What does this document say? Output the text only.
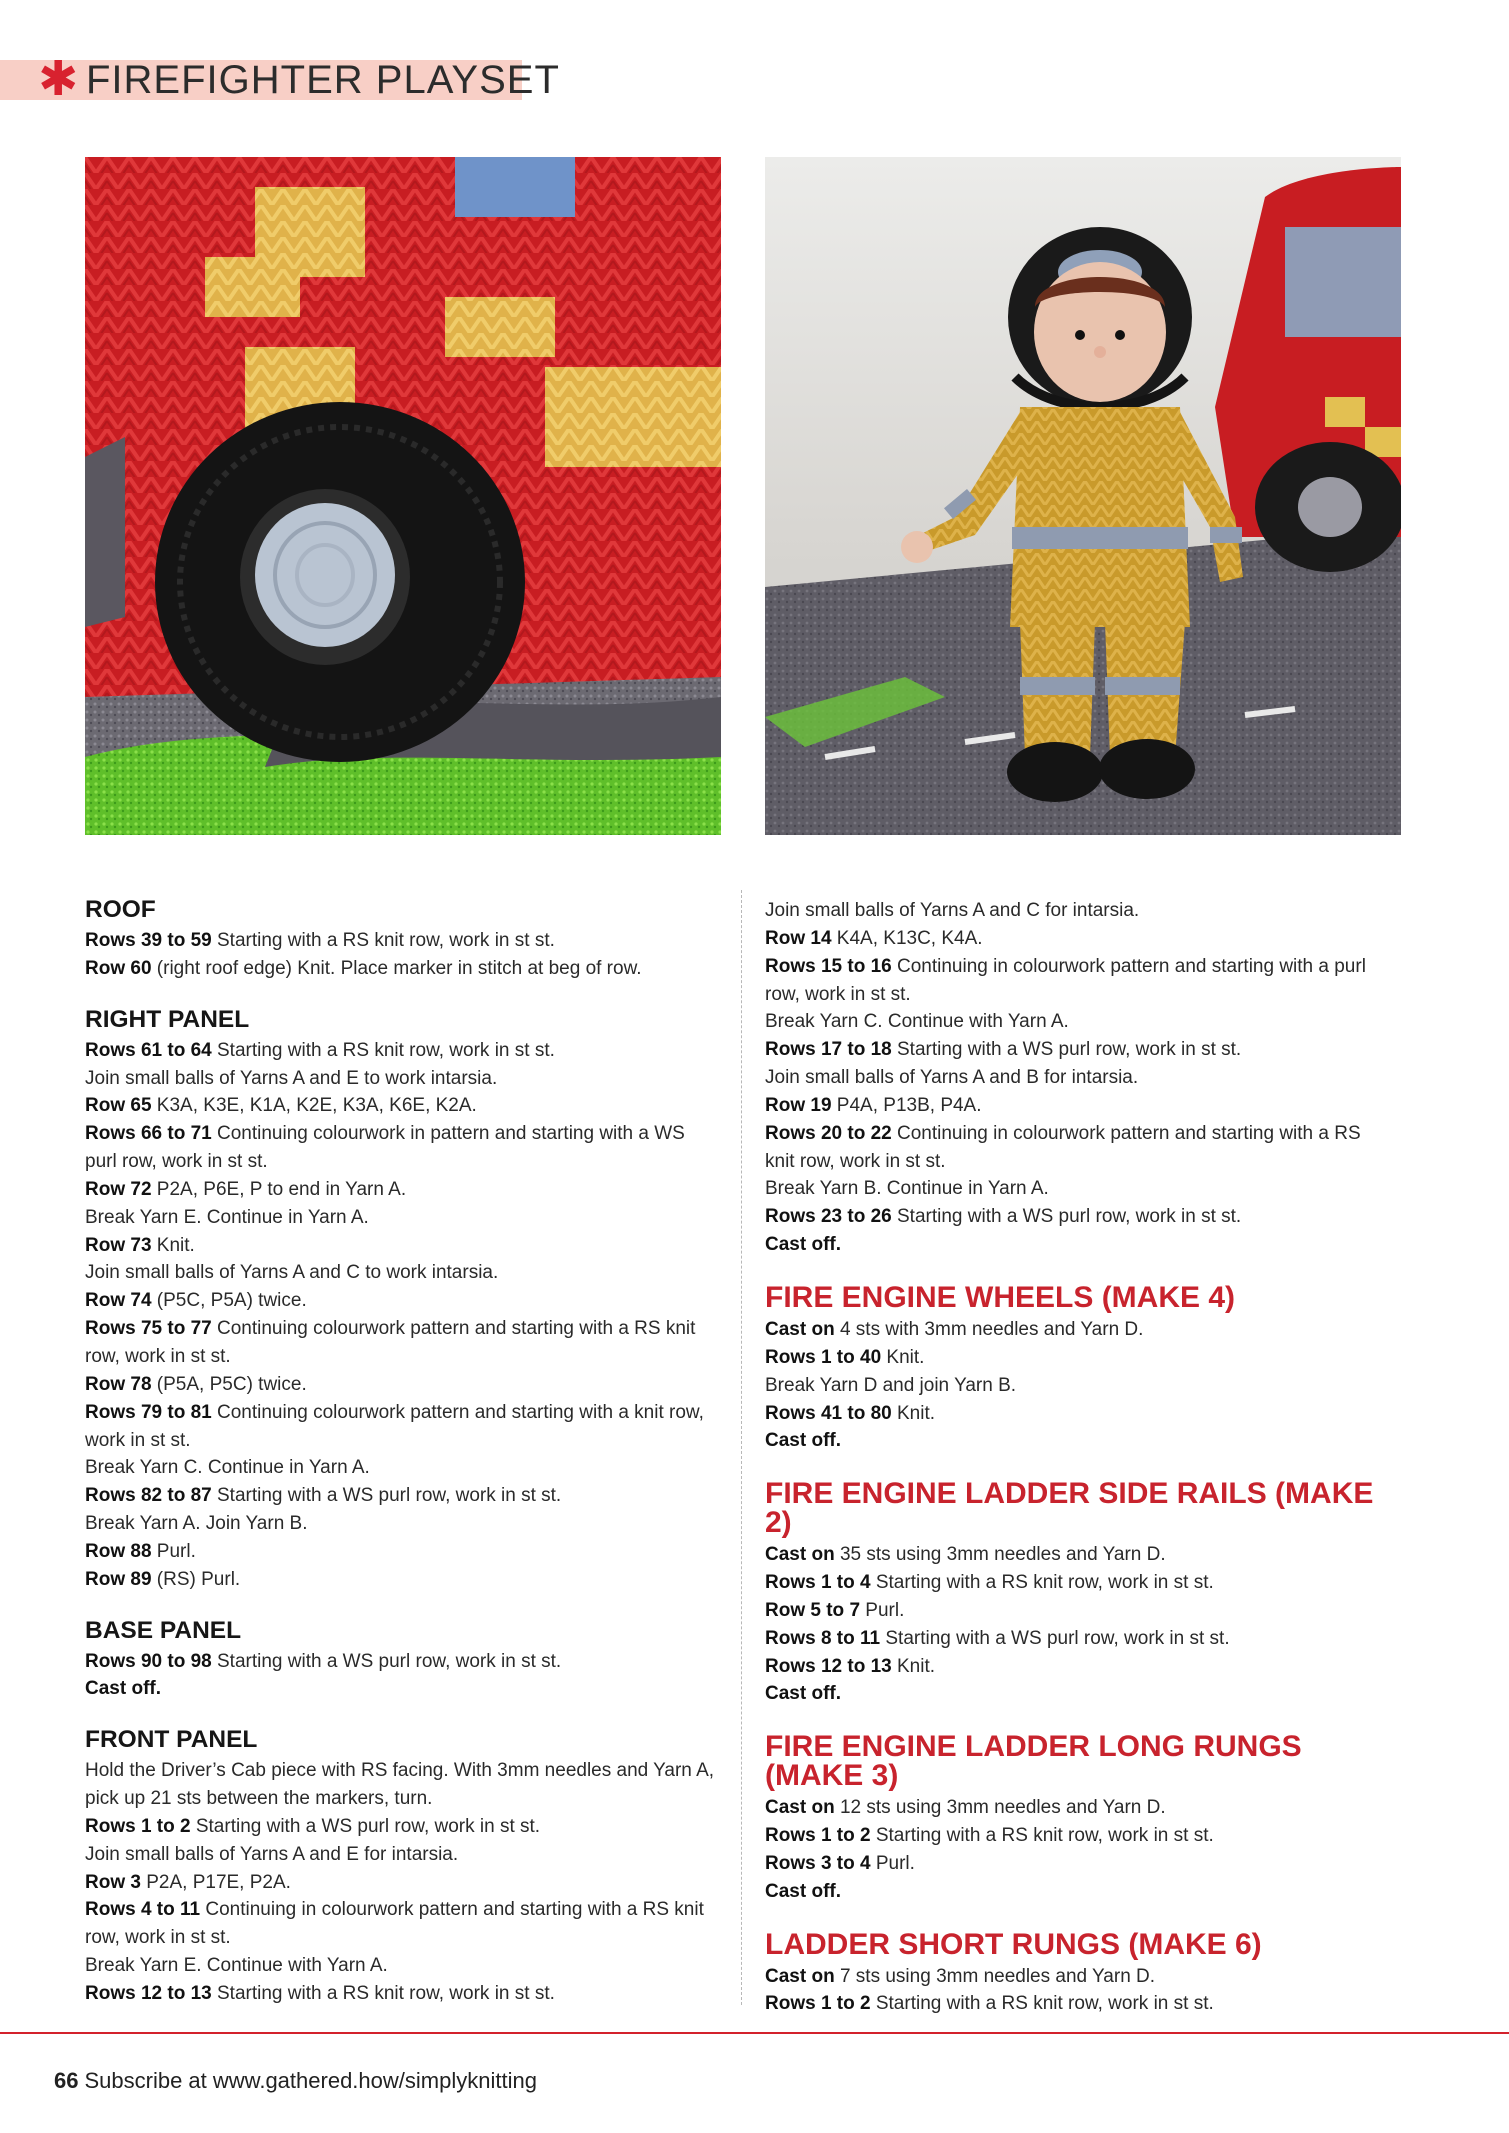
✱ FIREFIGHTER PLAYSET
ROOF

Rows 39 to 59 Starting with a RS knit row, work in st st.

Row 60 (right roof edge) Knit. Place marker in stitch at beg of row.

RIGHT PANEL

Rows 61 to 64 Starting with a RS knit row, work in st st.

Join small balls of Yarns A and E to work intarsia.

Row 65 K3A, K3E, K1A, K2E, K3A, K6E, K2A.

Rows 66 to 71 Continuing colourwork in pattern and starting with a WS purl row, work in st st.

Row 72 P2A, P6E, P to end in Yarn A.

Break Yarn E. Continue in Yarn A.

Row 73 Knit.

Join small balls of Yarns A and C to work intarsia.

Row 74 (P5C, P5A) twice.

Rows 75 to 77 Continuing colourwork pattern and starting with a RS knit row, work in st st.

Row 78 (P5A, P5C) twice.

Rows 79 to 81 Continuing colourwork pattern and starting with a knit row, work in st st.

Break Yarn C. Continue in Yarn A.

Rows 82 to 87 Starting with a WS purl row, work in st st.

Break Yarn A. Join Yarn B.

Row 88 Purl.

Row 89 (RS) Purl.

BASE PANEL

Rows 90 to 98 Starting with a WS purl row, work in st st.

Cast off.

FRONT PANEL

Hold the Driver’s Cab piece with RS facing. With 3mm needles and Yarn A, pick up 21 sts between the markers, turn.

Rows 1 to 2 Starting with a WS purl row, work in st st.

Join small balls of Yarns A and E for intarsia.

Row 3 P2A, P17E, P2A.

Rows 4 to 11 Continuing in colourwork pattern and starting with a RS knit row, work in st st.

Break Yarn E. Continue with Yarn A.

Rows 12 to 13 Starting with a RS knit row, work in st st.

Join small balls of Yarns A and C for intarsia.

Row 14 K4A, K13C, K4A.

Rows 15 to 16 Continuing in colourwork pattern and starting with a purl row, work in st st.

Break Yarn C. Continue with Yarn A.

Rows 17 to 18 Starting with a WS purl row, work in st st.

Join small balls of Yarns A and B for intarsia.

Row 19 P4A, P13B, P4A.

Rows 20 to 22 Continuing in colourwork pattern and starting with a RS knit row, work in st st.

Break Yarn B. Continue in Yarn A.

Rows 23 to 26 Starting with a WS purl row, work in st st.

Cast off.

FIRE ENGINE WHEELS (MAKE 4)

Cast on 4 sts with 3mm needles and Yarn D.

Rows 1 to 40 Knit.

Break Yarn D and join Yarn B.

Rows 41 to 80 Knit.

Cast off.

FIRE ENGINE LADDER SIDE RAILS (MAKE 2)

Cast on 35 sts using 3mm needles and Yarn D.

Rows 1 to 4 Starting with a RS knit row, work in st st.

Row 5 to 7 Purl.

Rows 8 to 11 Starting with a WS purl row, work in st st.

Rows 12 to 13 Knit.

Cast off.

FIRE ENGINE LADDER LONG RUNGS (MAKE 3)

Cast on 12 sts using 3mm needles and Yarn D.

Rows 1 to 2 Starting with a RS knit row, work in st st.

Rows 3 to 4 Purl.

Cast off.

LADDER SHORT RUNGS (MAKE 6)

Cast on 7 sts using 3mm needles and Yarn D.

Rows 1 to 2 Starting with a RS knit row, work in st st.

66 Subscribe at www.gathered.how/simplyknitting
